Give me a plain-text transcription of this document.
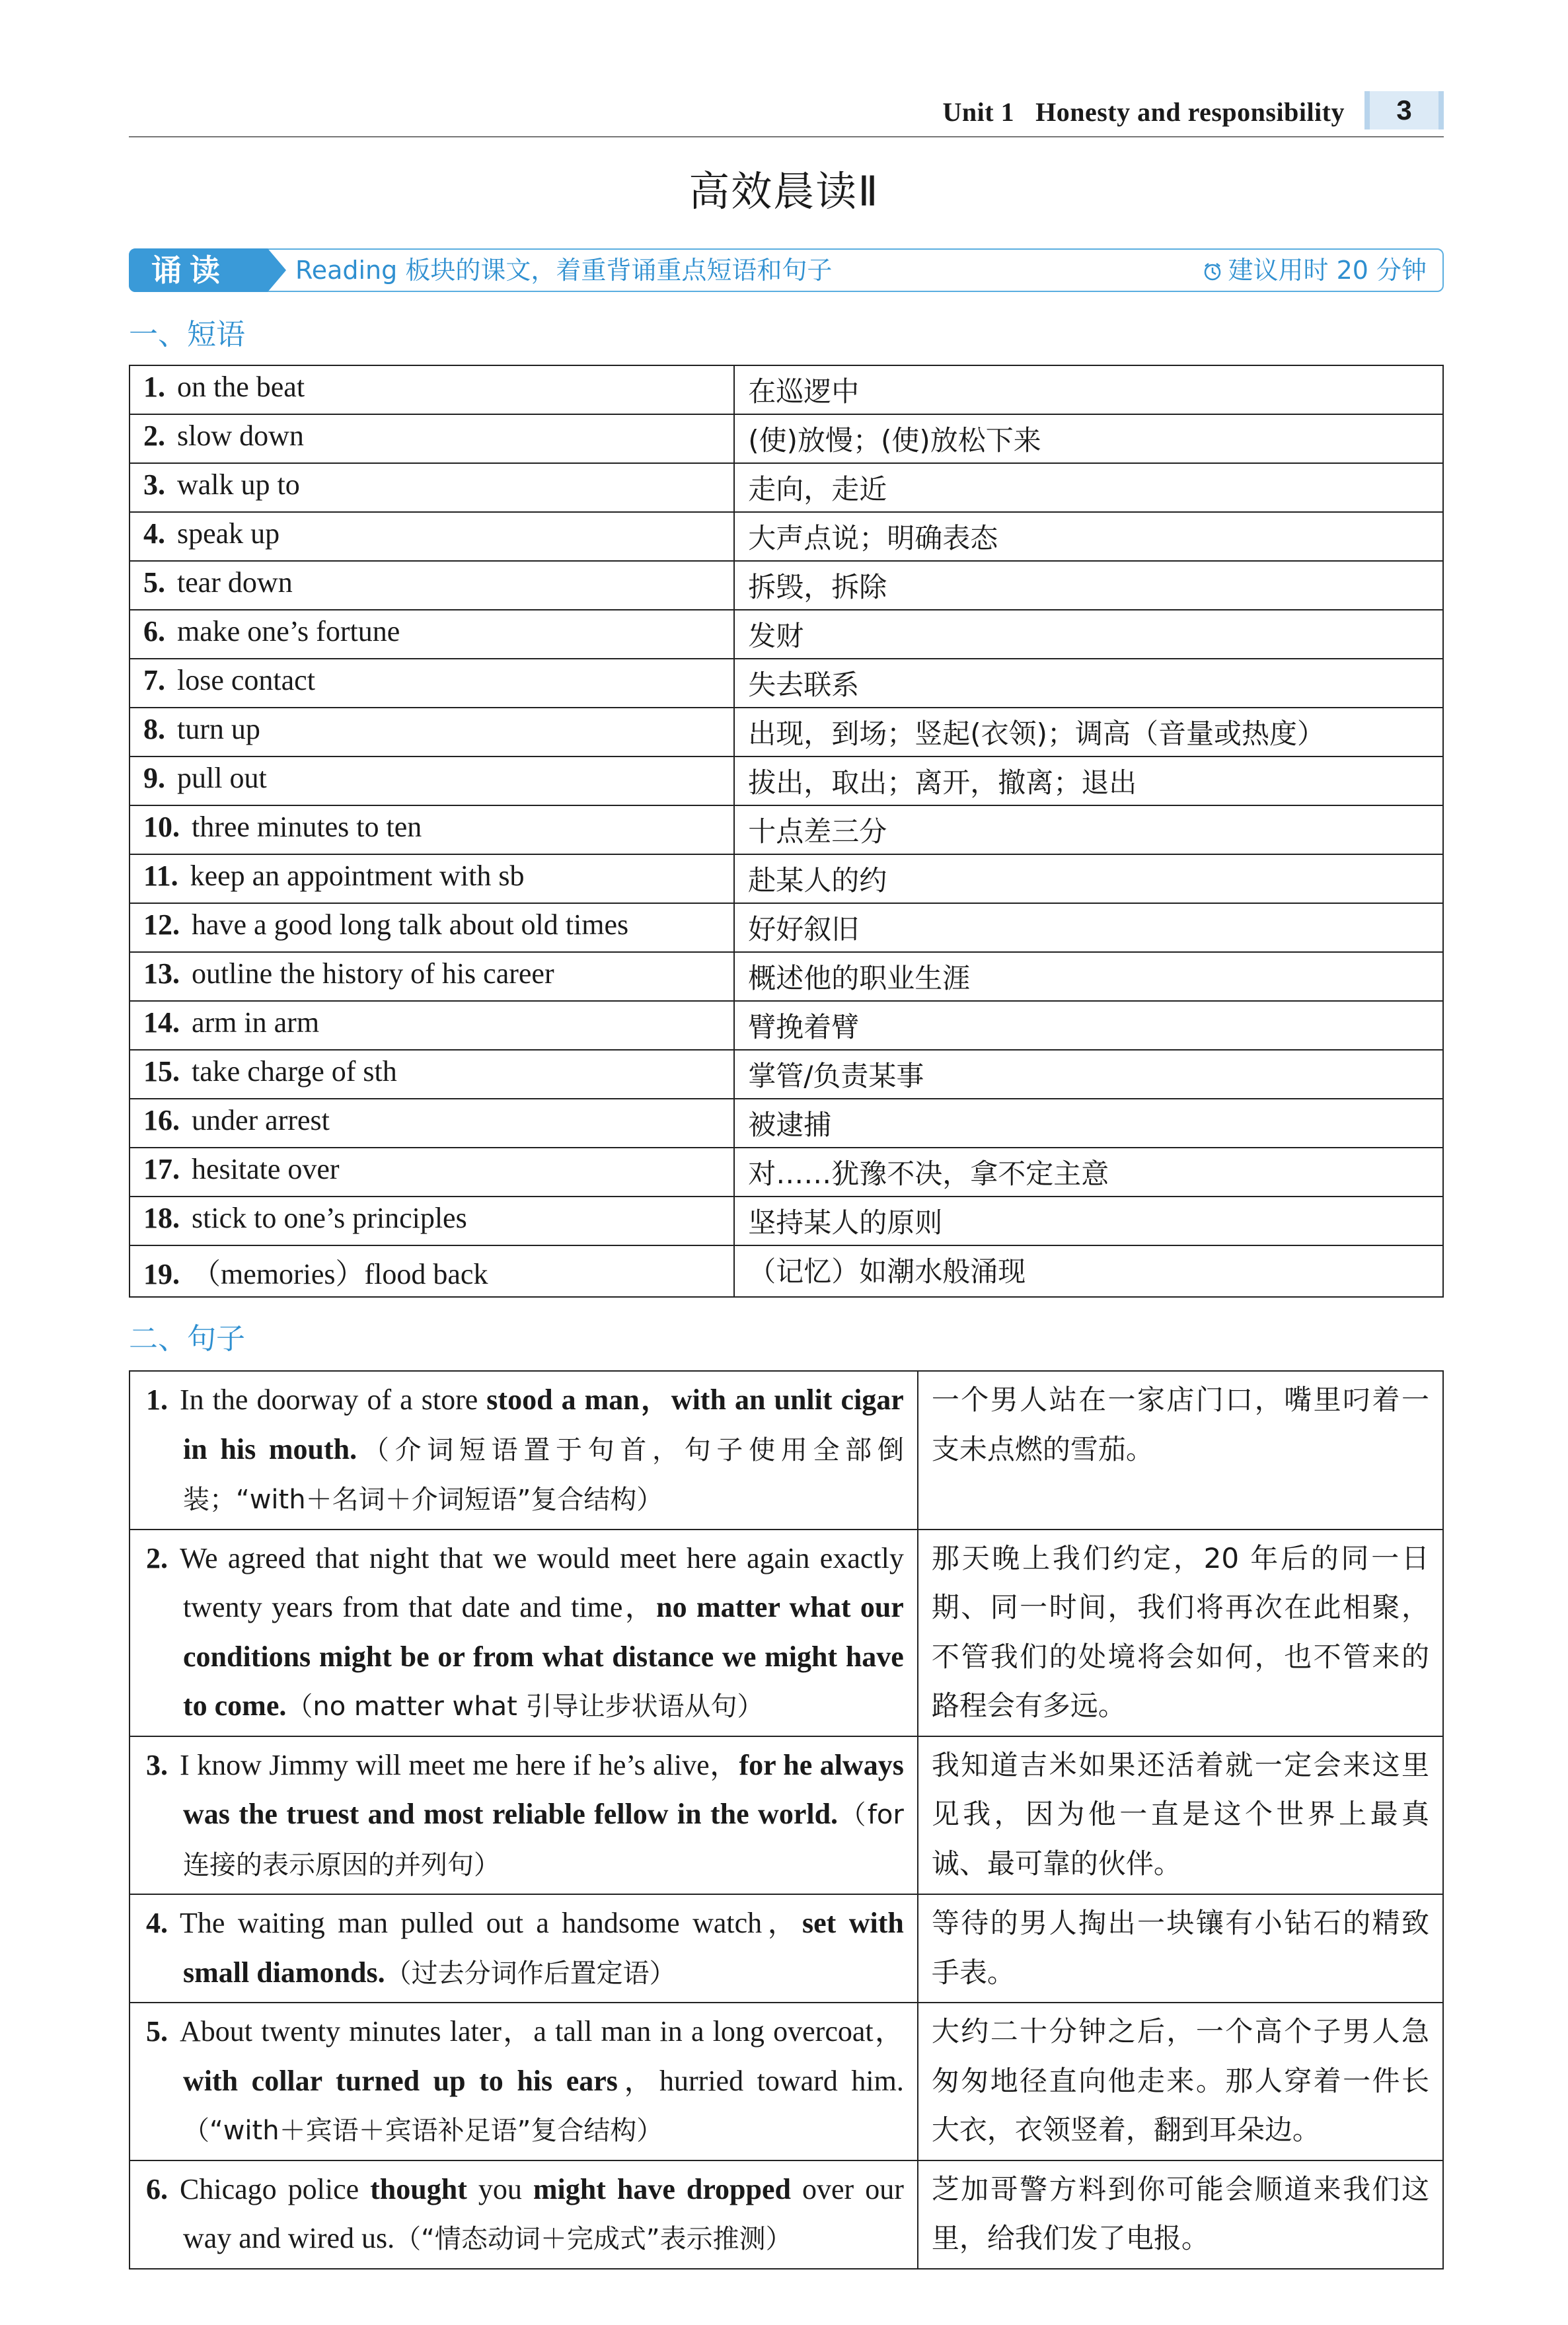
Unit 1 Honesty and responsibility	3
高效晨读Ⅱ
诵读	Reading 板块的课文，着重背诵重点短语和句子	建议用时 20 分钟
一、短语
1. on the beat	在巡逻中
2. slow down	(使)放慢；(使)放松下来
3. walk up to	走向，走近
4. speak up	大声点说；明确表态
5. tear down	拆毁，拆除
6. make one’s fortune	发财
7. lose contact	失去联系
8. turn up	出现，到场；竖起(衣领)；调高（音量或热度）
9. pull out	拔出，取出；离开，撤离；退出
10. three minutes to ten	十点差三分
11. keep an appointment with sb	赴某人的约
12. have a good long talk about old times	好好叙旧
13. outline the history of his career	概述他的职业生涯
14. arm in arm	臂挽着臂
15. take charge of sth	掌管/负责某事
16. under arrest	被逮捕
17. hesitate over	对……犹豫不决，拿不定主意
18. stick to one’s principles	坚持某人的原则
19. （memories）flood back	（记忆）如潮水般涌现
二、句子
1. In the doorway of a store stood a man，with an unlit cigar in his mouth.（介词短语置于句首，句子使用全部倒装；“with＋名词＋介词短语”复合结构）	一个男人站在一家店门口，嘴里叼着一支未点燃的雪茄。
2. We agreed that night that we would meet here again exactly twenty years from that date and time，no matter what our conditions might be or from what distance we might have to come.（no matter what 引导让步状语从句）	那天晚上我们约定，20 年后的同一日期、同一时间，我们将再次在此相聚，不管我们的处境将会如何，也不管来的路程会有多远。
3. I know Jimmy will meet me here if he’s alive，for he always was the truest and most reliable fellow in the world.（for 连接的表示原因的并列句）	我知道吉米如果还活着就一定会来这里见我，因为他一直是这个世界上最真诚、最可靠的伙伴。
4. The waiting man pulled out a handsome watch，set with small diamonds.（过去分词作后置定语）	等待的男人掏出一块镶有小钻石的精致手表。
5. About twenty minutes later，a tall man in a long overcoat，with collar turned up to his ears，hurried toward him.（“with＋宾语＋宾语补足语”复合结构）	大约二十分钟之后，一个高个子男人急匆匆地径直向他走来。那人穿着一件长大衣，衣领竖着，翻到耳朵边。
6. Chicago police thought you might have dropped over our way and wired us.（“情态动词＋完成式”表示推测）	芝加哥警方料到你可能会顺道来我们这里，给我们发了电报。
